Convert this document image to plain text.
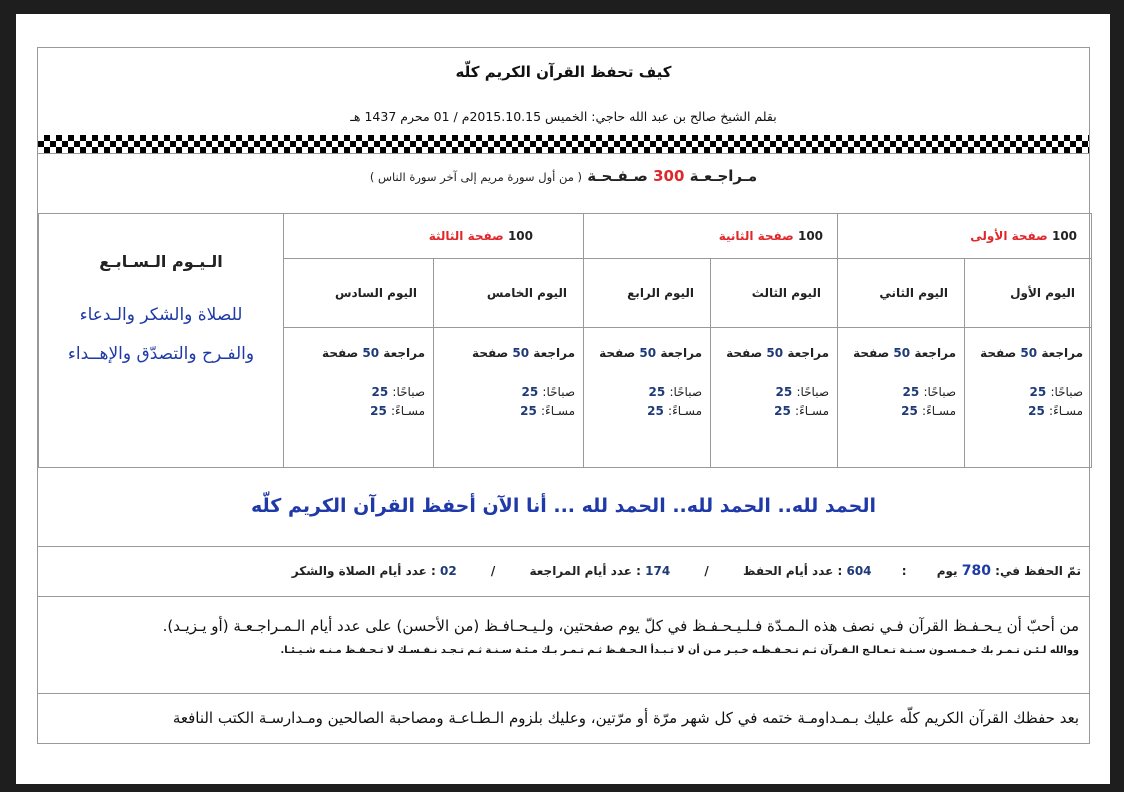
كيف تحفظ القرآن الكريم كلّه
بقلم الشيخ صالح بن عبد الله حاجي: الخميس 2015.10.15م / 01 محرم 1437 هـ
مـراجـعـة 300 صـفـحـة ( من أول سورة مريم إلى آخر سورة الناس )
100 صفحة الأولى		100 صفحة الثانية		100 صفحة الثالثة		الـيـوم الـسـابـع
للصلاة والشكر والـدعاء
والفـرح والتصدّق والإهــداء

اليوم الأول	اليوم الثاني	اليوم الثالث	اليوم الرابع	اليوم الخامس	اليوم السادس	

مراجعة 50 صفحة
صباحًا: 25
مسـاءً: 25	مراجعة 50 صفحة
صباحًا: 25
مسـاءً: 25	مراجعة 50 صفحة
صباحًا: 25
مسـاءً: 25	مراجعة 50 صفحة
صباحًا: 25
مسـاءً: 25	مراجعة 50 صفحة
صباحًا: 25
مسـاءً: 25	مراجعة 50 صفحة
صباحًا: 25
مسـاءً: 25	
الحمد لله.. الحمد لله.. الحمد لله ... أنا الآن أحفظ القرآن الكريم كلّه
تمّ الحفظ في: 780 يوم : 604 : عدد أيام الحفظ / 174 : عدد أيام المراجعة / 02 : عدد أيام الصلاة والشكر

من أحبّ أن يـحـفـظ القرآن فـي نصف هذه الـمـدّة فـلـيـحـفـظ في كلّ يوم صفحتين، ولـيـحـافـظ (من الأحسن) على عدد أيام الـمـراجـعـة (أو يـزيـد).

ووالله لـئـن تـمـر بك خـمـسـون سـنـة تـعـالـج الـقـرآن ثـم تـحـفـظـه خـيـر مـن أن لا تـبـدأ الـحـفـظ ثـم تـمـر بـك مـئـة سـنـة ثـم تـجـد نـفـسـك لا تـحـفـظ مـنـه شـيـئـا.

بعد حفظك القرآن الكريم كلّه عليك بـمـداومـة ختمه في كل شهر مرّة أو مرّتين، وعليك بلزوم الـطـاعـة ومصاحبة الصالحين ومـدارسـة الكتب النافعة
